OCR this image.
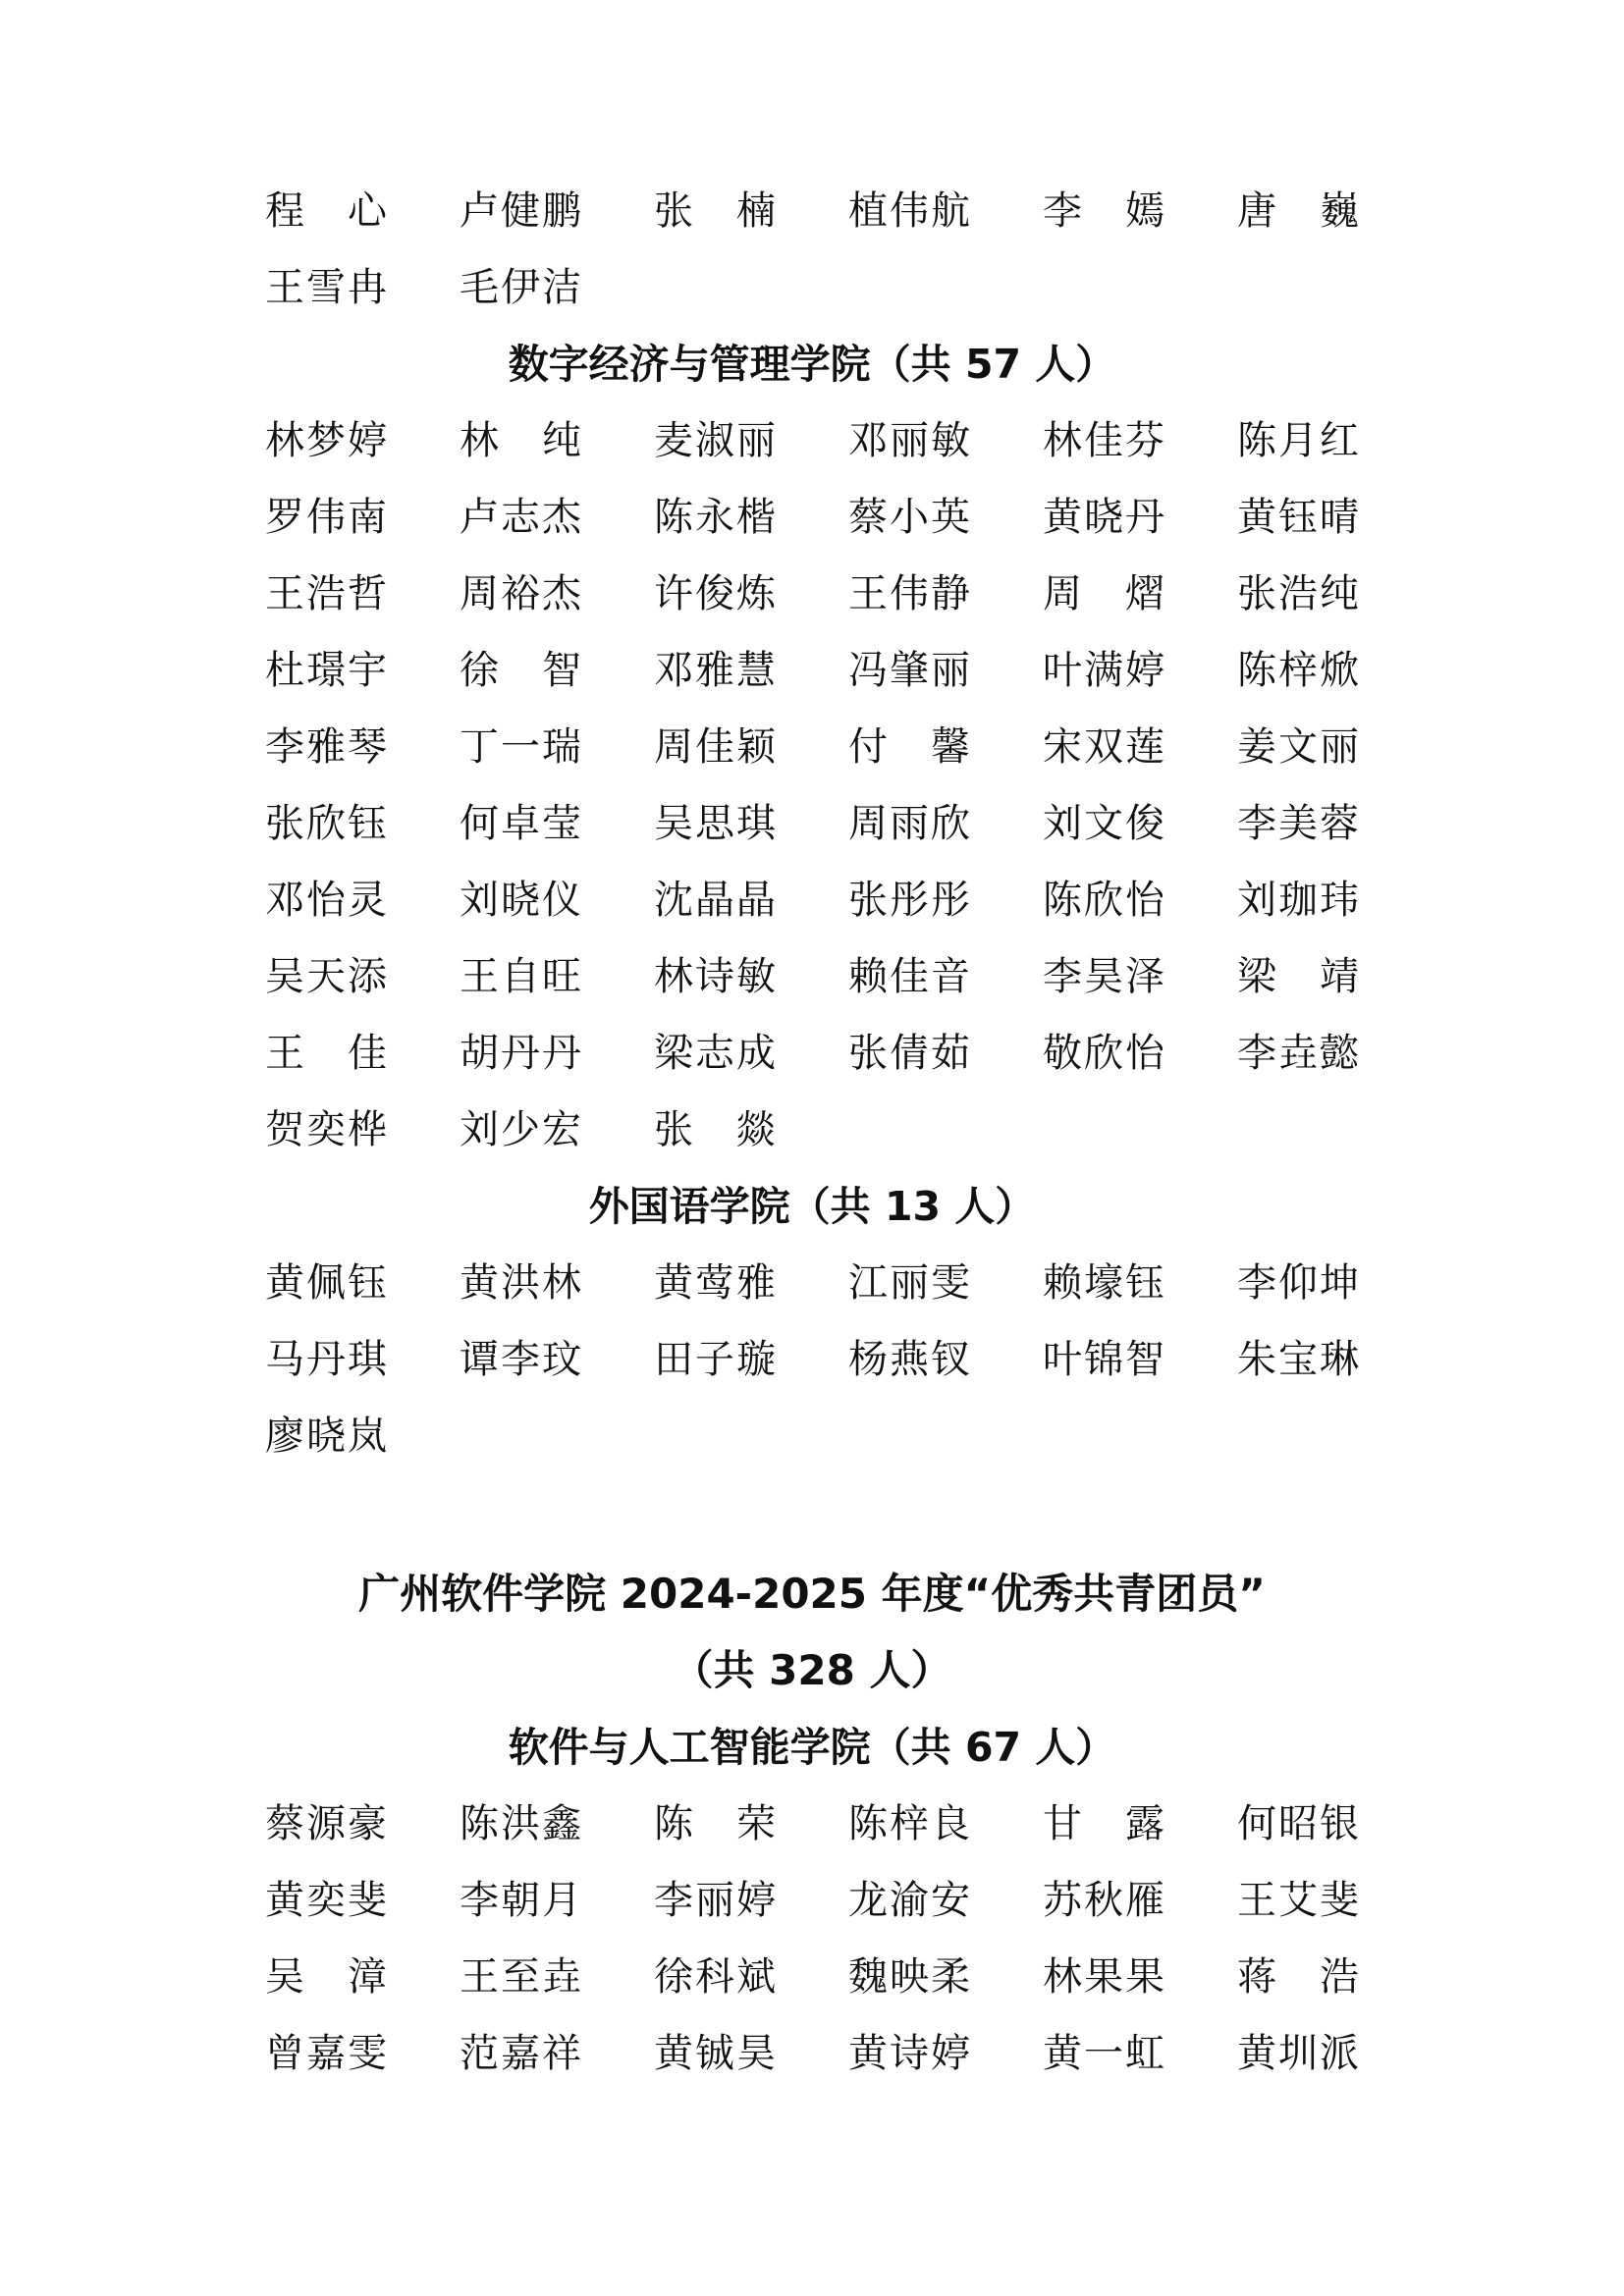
程　心	卢健鹏	张　楠	植伟航	李　嫣	唐　巍
王雪冉	毛伊洁
数字经济与管理学院（共 57 人）
林梦婷	林　纯	麦淑丽	邓丽敏	林佳芬	陈月红
罗伟南	卢志杰	陈永楷	蔡小英	黄晓丹	黄钰晴
王浩哲	周裕杰	许俊炼	王伟静	周　熠	张浩纯
杜璟宇	徐　智	邓雅慧	冯肇丽	叶满婷	陈梓焮
李雅琴	丁一瑞	周佳颖	付　馨	宋双莲	姜文丽
张欣钰	何卓莹	吴思琪	周雨欣	刘文俊	李美蓉
邓怡灵	刘晓仪	沈晶晶	张彤彤	陈欣怡	刘珈玮
吴天添	王自旺	林诗敏	赖佳音	李昊泽	梁　靖
王　佳	胡丹丹	梁志成	张倩茹	敬欣怡	李垚懿
贺奕桦	刘少宏	张　燚
外国语学院（共 13 人）
黄佩钰	黄洪林	黄莺雅	江丽雯	赖壕钰	李仰坤
马丹琪	谭李玟	田子璇	杨燕钗	叶锦智	朱宝琳
廖晓岚
广州软件学院 2024-2025 年度“优秀共青团员”
（共 328 人）
软件与人工智能学院（共 67 人）
蔡源豪	陈洪鑫	陈　荣	陈梓良	甘　露	何昭银
黄奕斐	李朝月	李丽婷	龙渝安	苏秋雁	王艾斐
吴　漳	王至垚	徐科斌	魏映柔	林果果	蒋　浩
曾嘉雯	范嘉祥	黄铖昊	黄诗婷	黄一虹	黄圳派
